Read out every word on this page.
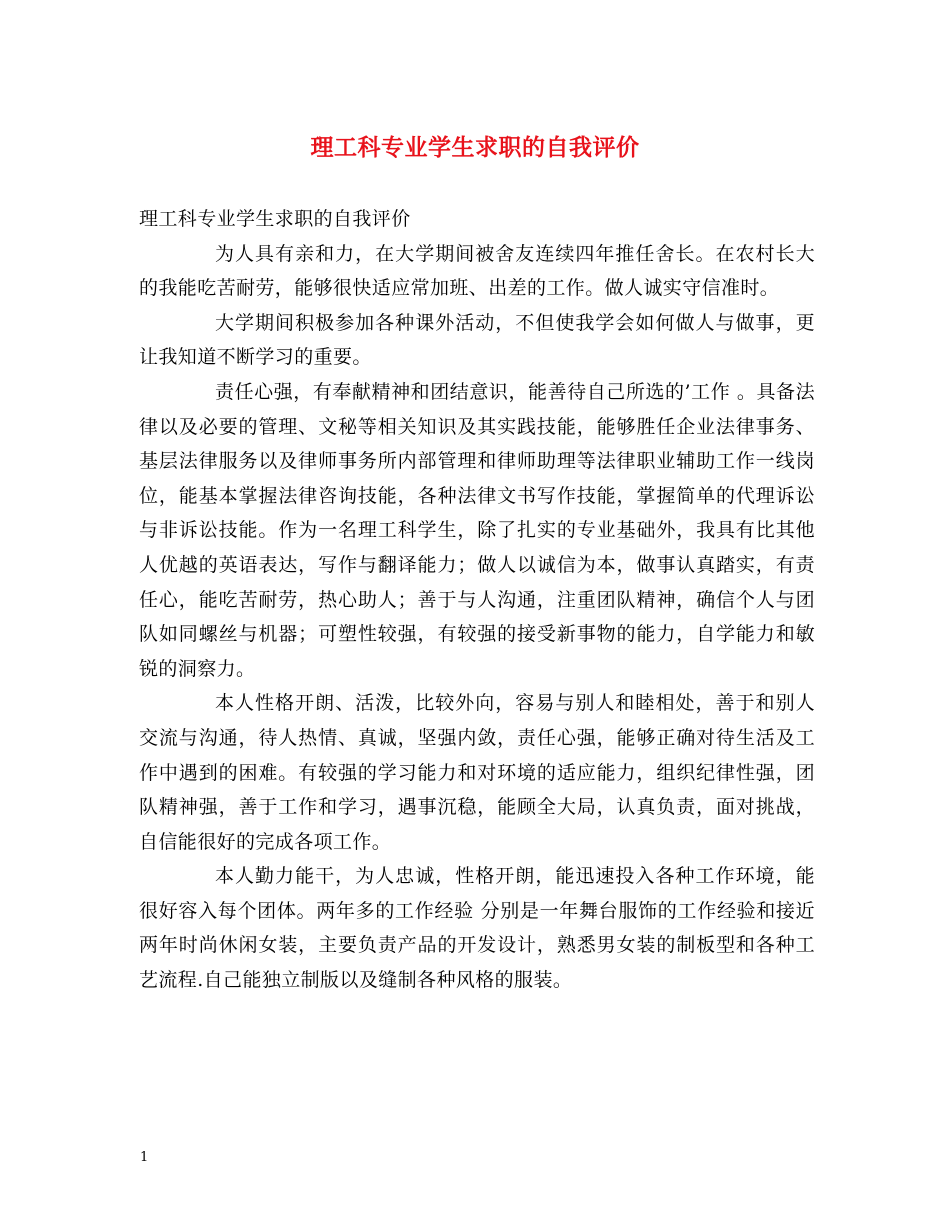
理工科专业学生求职的自我评价

理工科专业学生求职的自我评价

为人具有亲和力，在大学期间被舍友连续四年推任舍长。在农村长大的我能吃苦耐劳，能够很快适应常加班、出差的工作。做人诚实守信准时。

大学期间积极参加各种课外活动，不但使我学会如何做人与做事，更让我知道不断学习的重要。

责任心强，有奉献精神和团结意识，能善待自己所选的’工作 。具备法律以及必要的管理、文秘等相关知识及其实践技能，能够胜任企业法律事务、基层法律服务以及律师事务所内部管理和律师助理等法律职业辅助工作一线岗位，能基本掌握法律咨询技能，各种法律文书写作技能，掌握简单的代理诉讼与非诉讼技能。作为一名理工科学生，除了扎实的专业基础外，我具有比其他人优越的英语表达，写作与翻译能力；做人以诚信为本，做事认真踏实，有责任心，能吃苦耐劳，热心助人；善于与人沟通，注重团队精神，确信个人与团队如同螺丝与机器；可塑性较强，有较强的接受新事物的能力，自学能力和敏锐的洞察力。

本人性格开朗、活泼，比较外向，容易与别人和睦相处，善于和别人交流与沟通，待人热情、真诚，坚强内敛，责任心强，能够正确对待生活及工作中遇到的困难。有较强的学习能力和对环境的适应能力，组织纪律性强，团队精神强，善于工作和学习，遇事沉稳，能顾全大局，认真负责，面对挑战，自信能很好的完成各项工作。

本人勤力能干，为人忠诚，性格开朗，能迅速投入各种工作环境，能很好容入每个团体。两年多的工作经验 分别是一年舞台服饰的工作经验和接近两年时尚休闲女装，主要负责产品的开发设计，熟悉男女装的制板型和各种工艺流程.自己能独立制版以及缝制各种风格的服装。

1
